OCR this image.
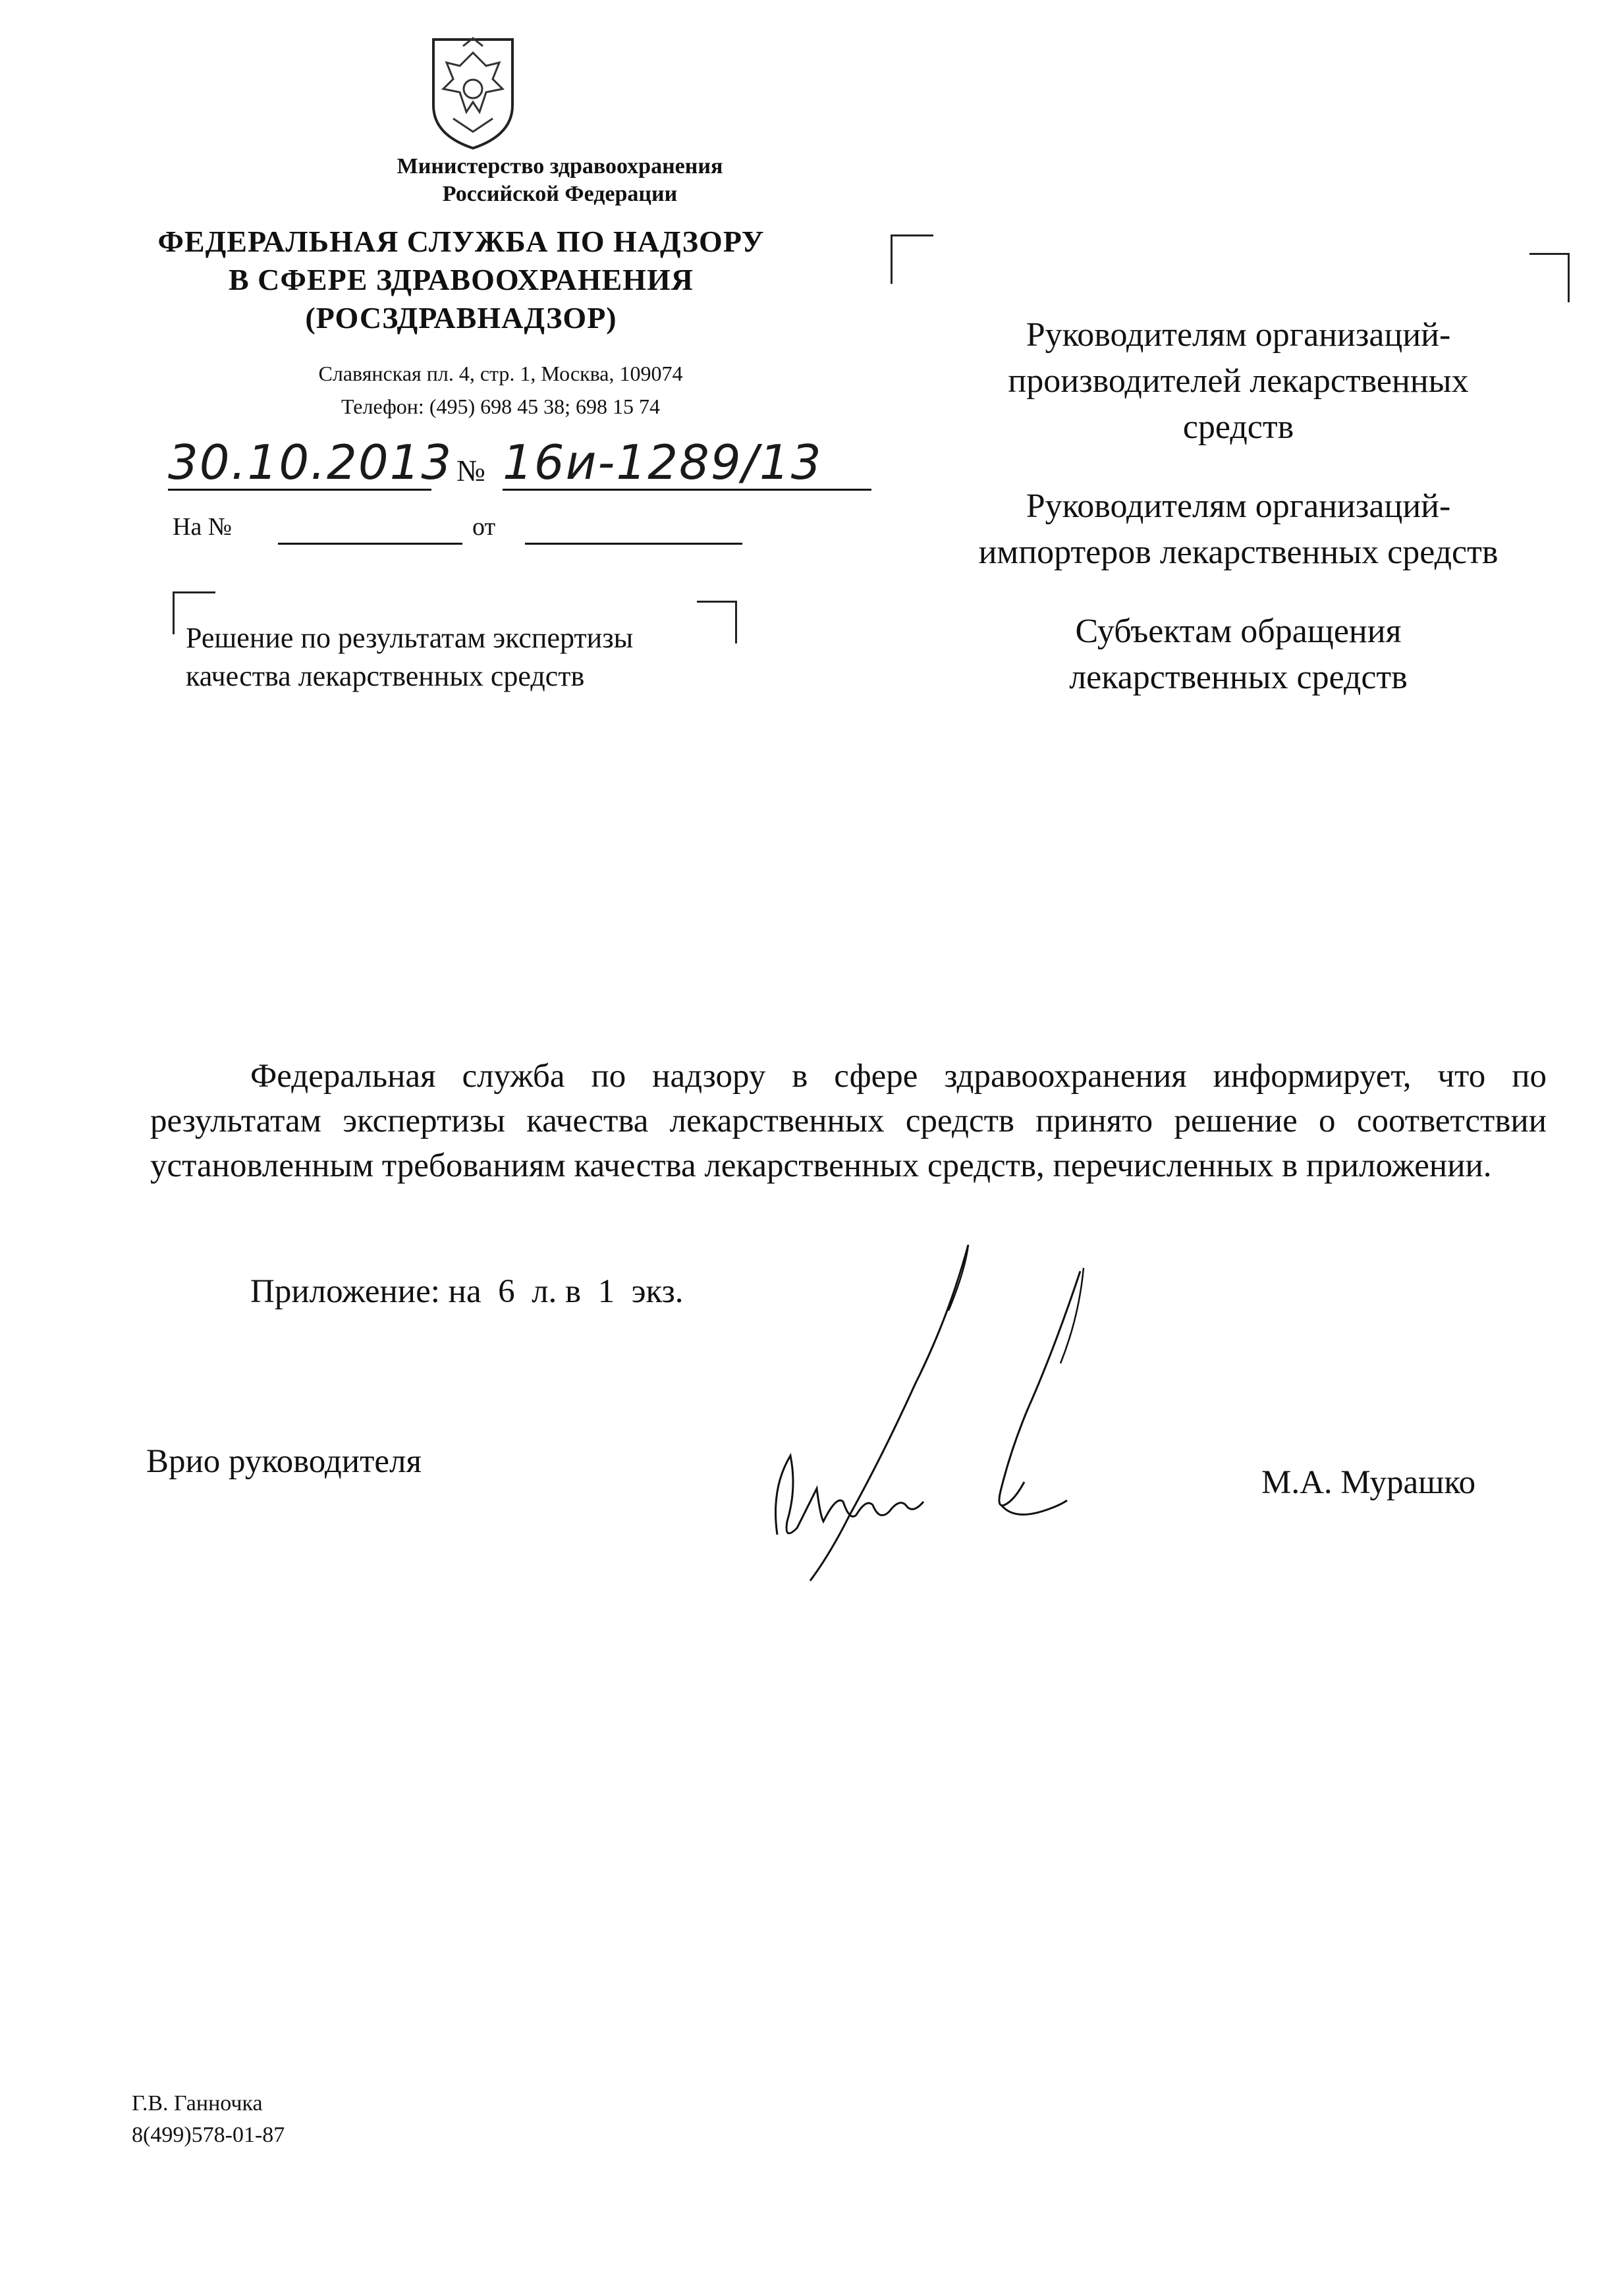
Министерство здравоохранения
Российской Федерации
ФЕДЕРАЛЬНАЯ СЛУЖБА ПО НАДЗОРУ
В СФЕРЕ ЗДРАВООХРАНЕНИЯ
(РОСЗДРАВНАДЗОР)
Славянская пл. 4, стр. 1, Москва, 109074
Телефон: (495) 698 45 38; 698 15 74
30.10.2013 № 16и-1289/13
На №	от
Решение по результатам экспертизы
качества лекарственных средств
Руководителям организаций-
производителей лекарственных
средств
Руководителям организаций-
импортеров лекарственных средств
Субъектам обращения
лекарственных средств

Федеральная служба по надзору в сфере здравоохранения информирует, что по результатам экспертизы качества лекарственных средств принято решение о соответствии установленным требованиям качества лекарственных средств, перечисленных в приложении.

Приложение: на  6  л. в  1  экз.
Врио руководителя
М.А. Мурашко
Г.В. Ганночка
8(499)578-01-87
